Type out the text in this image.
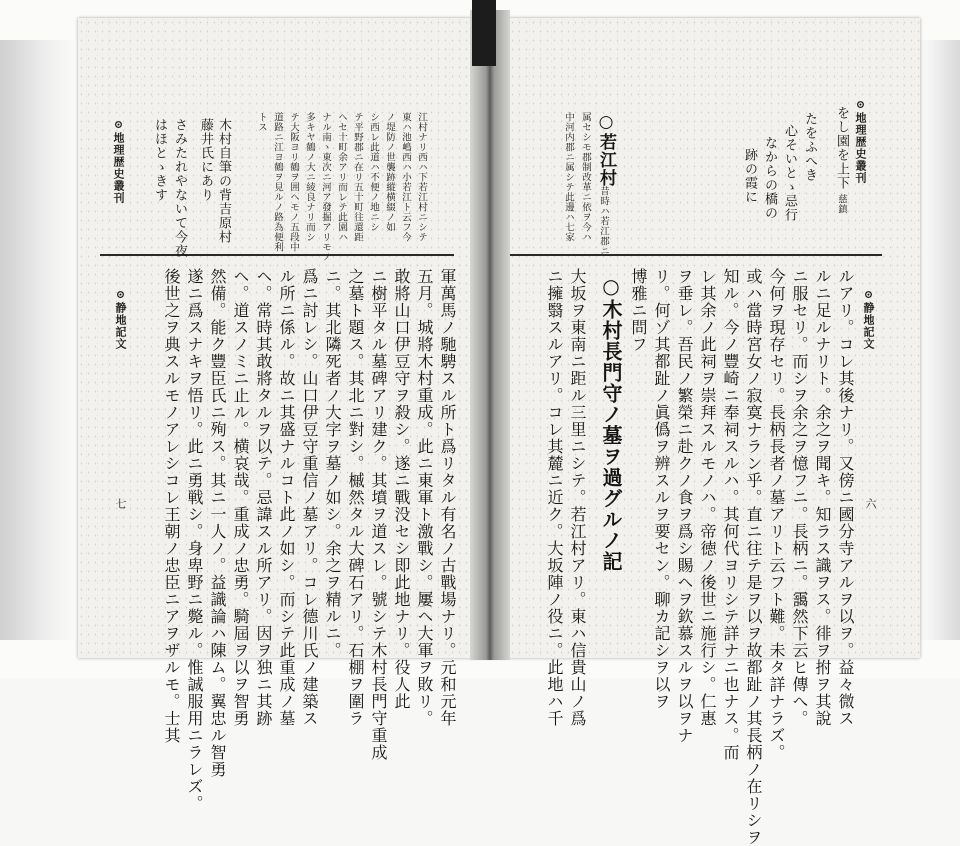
江村ナリ西ハ下若江村ニシテ
東ハ池嶋西ハ小若江ト云フ今
ノ堤防ノ世襲跡縱横綴ノ如
シ西レ此道ハ不便ノ地ニシ
テ平野郡ニ在リ五十町往還距
ヘセ十町余アリ而レテ此園ハ
ナル南ヽ東次ニ河ア發掘アリモノ
多キヤ鶴ノ大ニ綾良ナリ而シ
テ大阪ヨリ鶴ヲ囲ヘモノ五段中
道路ニ江ヨ鶴ヲ見ルノ路為便利
トス
木村自筆の背吉原村
藤井氏にあり
さみたれやないて今夜
はほとゝきす
⊙地理歴史叢刊
軍萬馬ノ馳騁スル所ト爲リタル有名ノ古戰場ナリ。元和元年
五月。城將木村重成。此ニ東軍ト激戰シ。屢ヘ大軍ヲ敗リ。
敢將山口伊豆守ヲ殺シ。遂ニ戰没セシ即此地ナリ。役人此
ニ樹平タル墓碑アリ建ク。其墳ヲ道スレ。號シテ木村長門守重成
之墓ト題ス。其北ニ對シ。槭然タル大碑石アリ。石棚ヲ圍ラ
ニ。其北隣死者ノ大字ヲ墓ノ如シ。余之ヲ精ルニ。
爲ニ討レシ。山口伊豆守重信ノ墓アリ。コレ德川氏ノ建築ス
ル所ニ係ル。故ニ其盛ナルコト此ノ如シ。而シテ此重成ノ墓
ヘ。常時其敢將タルヲ以テ。忌諱スル所アリ。因ヲ独ニ其跡
ヘ。道スノミニ止ル。横哀哉。重成ノ忠勇。騎屆ヲ以ヲ智勇
然備。能ク豐臣氏ニ殉ス。其ニ一人ノ。益識論ハ陳ム。翼忠ル智勇
遂ニ爲スナキヲ悟リ。此ニ勇戦シ。身卑野ニ斃ル。惟誠服用ニラレズ。
後世之ヲ典スルモノアレシコレ王朝ノ忠臣ニアヲザルモ。士其
⊙静地記文
七
⊙地理歴史叢刊
をし園を上下
慈鎮
たをふへき
心そいとゝ忌行
なからの橋の
跡の霞に
○若江村
昔時ハ若江郡ニ
属セシモ郡制改革ニ依ヲ今ハ
中河内郡ニ属シテ此邊ハ七家
⊙静地記文
六
ルアリ。コレ其後ナリ。又傍ニ國分寺アルヲ以ヲ。益々微ス
ルニ足ルナリト。余之ヲ聞キ。知ラス識ヲス。徘ヲ拊ヲ其說
ニ服セリ。而シヲ余之ヲ憶フニ。長柄ニ。靄然下云ヒ傳へ。
今何ヲ現存セリ。長柄長者ノ墓アリト云フト難。未タ詳ナラズ。
或ハ當時宮女ノ寂寞ナラン乎。直ニ往テ是ヲ以ヲ故都趾ノ其長柄ノ在リシヲ
知ル。今ノ豐崎ニ奉祠スルハ。其何代ヨリシテ詳ナニ也ナス。而
レ其余ノ此祠ヲ崇拜スルモノハ。帝徳ノ後世ニ施行シ。仁惠
ヲ垂レ。吾民ノ繁榮ニ赴クノ食ヲ爲シ賜ヘヲ欽慕スルヲ以ヲナ
リ。何ゾ其都趾ノ眞僞ヲ辨スルヲ要セン。聊カ記シヲ以ヲ
博雅ニ問フ
○木村長門守ノ墓ヲ過グルノ記
大坂ヲ東南ニ距ル三里ニシテ。若江村アリ。東ハ信貴山ノ爲
ニ擁翳スルアリ。コレ其麓ニ近ク。大坂陣ノ役ニ。此地ハ千
